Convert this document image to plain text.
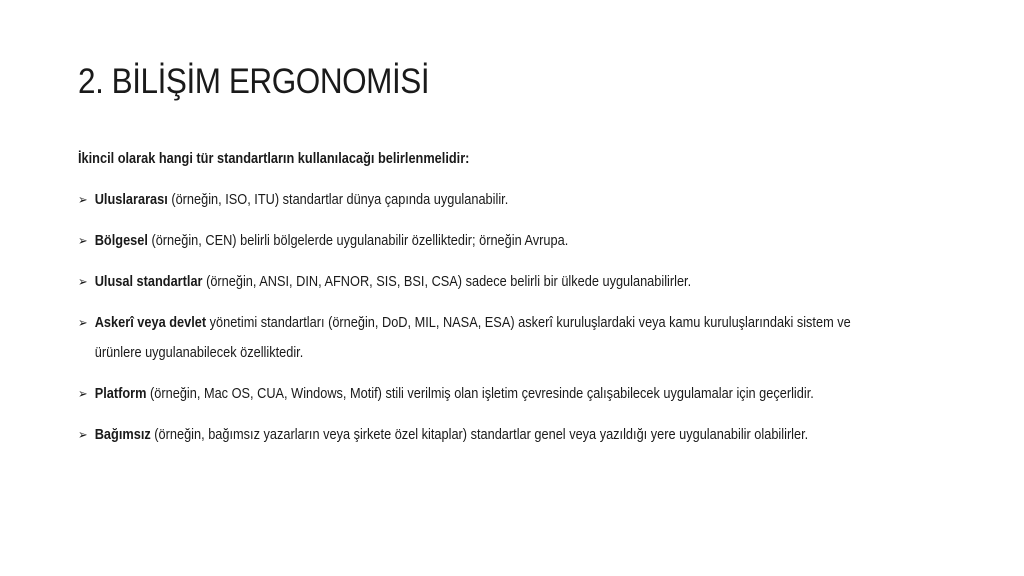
2. BİLİŞİM ERGONOMİSİ

İkincil olarak hangi tür standartların kullanılacağı belirlenmelidir:

➢ Uluslararası (örneğin, ISO, ITU) standartlar dünya çapında uygulanabilir.
➢ Bölgesel (örneğin, CEN) belirli bölgelerde uygulanabilir özelliktedir; örneğin Avrupa.
➢ Ulusal standartlar (örneğin, ANSI, DIN, AFNOR, SIS, BSI, CSA) sadece belirli bir ülkede uygulanabilirler.
➢ Askerî veya devlet yönetimi standartları (örneğin, DoD, MIL, NASA, ESA) askerî kuruluşlardaki veya kamu kuruluşlarındaki sistem ve ürünlere uygulanabilecek özelliktedir.
➢ Platform (örneğin, Mac OS, CUA, Windows, Motif) stili verilmiş olan işletim çevresinde çalışabilecek uygulamalar için geçerlidir.
➢ Bağımsız (örneğin, bağımsız yazarların veya şirkete özel kitaplar) standartlar genel veya yazıldığı yere uygulanabilir olabilirler.
